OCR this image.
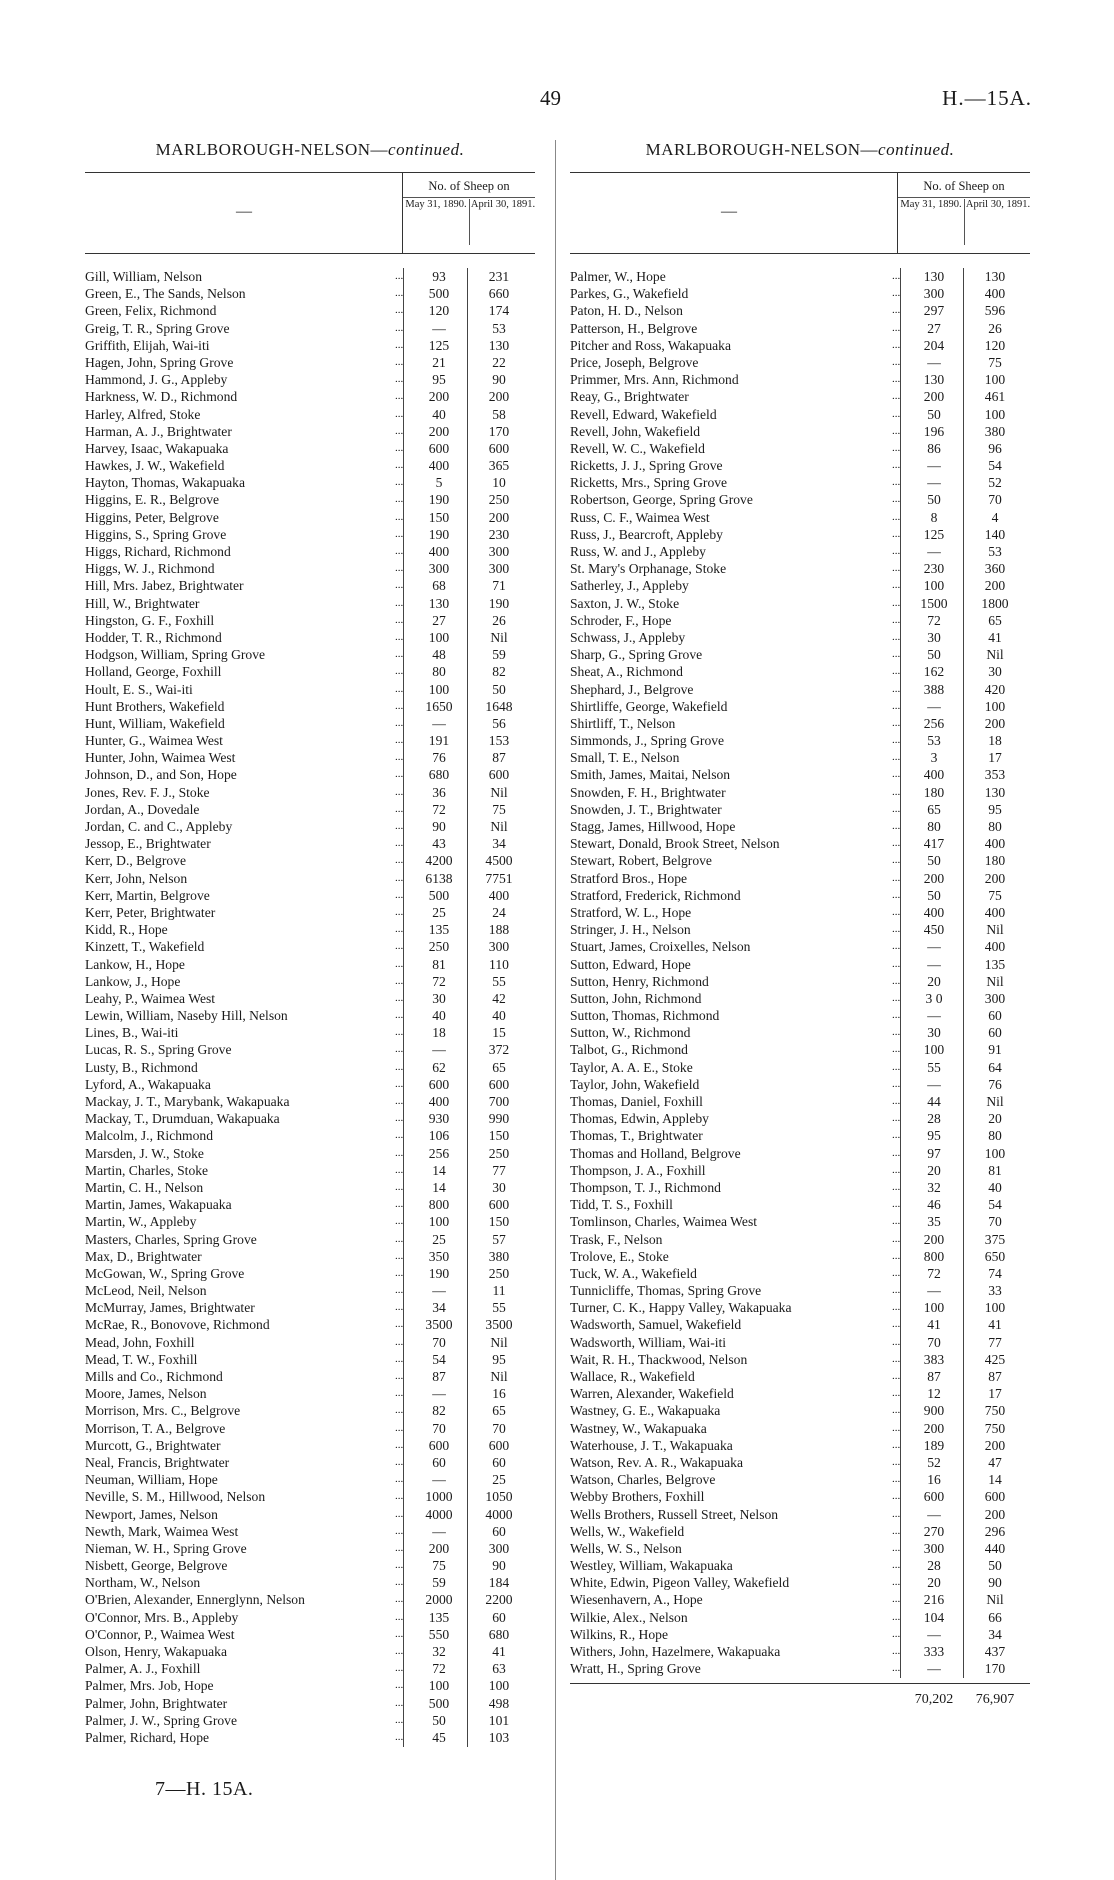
49	H.—15A.
MARLBOROUGH-NELSON—continued.
—
No. of Sheep on
May 31, 1890. April 30, 1891.
Gill, William, Nelson	...	93	231
Green, E., The Sands, Nelson	...	500	660
Green, Felix, Richmond	...	120	174
Greig, T. R., Spring Grove	...	—	53
Griffith, Elijah, Wai-iti	...	125	130
Hagen, John, Spring Grove	...	21	22
Hammond, J. G., Appleby	...	95	90
Harkness, W. D., Richmond	...	200	200
Harley, Alfred, Stoke	...	40	58
Harman, A. J., Brightwater	...	200	170
Harvey, Isaac, Wakapuaka	...	600	600
Hawkes, J. W., Wakefield	...	400	365
Hayton, Thomas, Wakapuaka	...	5	10
Higgins, E. R., Belgrove	...	190	250
Higgins, Peter, Belgrove	...	150	200
Higgins, S., Spring Grove	...	190	230
Higgs, Richard, Richmond	...	400	300
Higgs, W. J., Richmond	...	300	300
Hill, Mrs. Jabez, Brightwater	...	68	71
Hill, W., Brightwater	...	130	190
Hingston, G. F., Foxhill	...	27	26
Hodder, T. R., Richmond	...	100	Nil
Hodgson, William, Spring Grove	...	48	59
Holland, George, Foxhill	...	80	82
Hoult, E. S., Wai-iti	...	100	50
Hunt Brothers, Wakefield	...	1650	1648
Hunt, William, Wakefield	...	—	56
Hunter, G., Waimea West	...	191	153
Hunter, John, Waimea West	...	76	87
Johnson, D., and Son, Hope	...	680	600
Jones, Rev. F. J., Stoke	...	36	Nil
Jordan, A., Dovedale	...	72	75
Jordan, C. and C., Appleby	...	90	Nil
Jessop, E., Brightwater	...	43	34
Kerr, D., Belgrove	...	4200	4500
Kerr, John, Nelson	...	6138	7751
Kerr, Martin, Belgrove	...	500	400
Kerr, Peter, Brightwater	...	25	24
Kidd, R., Hope	...	135	188
Kinzett, T., Wakefield	...	250	300
Lankow, H., Hope	...	81	110
Lankow, J., Hope	...	72	55
Leahy, P., Waimea West	...	30	42
Lewin, William, Naseby Hill, Nelson	...	40	40
Lines, B., Wai-iti	...	18	15
Lucas, R. S., Spring Grove	...	—	372
Lusty, B., Richmond	...	62	65
Lyford, A., Wakapuaka	...	600	600
Mackay, J. T., Marybank, Wakapuaka	...	400	700
Mackay, T., Drumduan, Wakapuaka	...	930	990
Malcolm, J., Richmond	...	106	150
Marsden, J. W., Stoke	...	256	250
Martin, Charles, Stoke	...	14	77
Martin, C. H., Nelson	...	14	30
Martin, James, Wakapuaka	...	800	600
Martin, W., Appleby	...	100	150
Masters, Charles, Spring Grove	...	25	57
Max, D., Brightwater	...	350	380
McGowan, W., Spring Grove	...	190	250
McLeod, Neil, Nelson	...	—	11
McMurray, James, Brightwater	...	34	55
McRae, R., Bonovove, Richmond	...	3500	3500
Mead, John, Foxhill	...	70	Nil
Mead, T. W., Foxhill	...	54	95
Mills and Co., Richmond	...	87	Nil
Moore, James, Nelson	...	—	16
Morrison, Mrs. C., Belgrove	...	82	65
Morrison, T. A., Belgrove	...	70	70
Murcott, G., Brightwater	...	600	600
Neal, Francis, Brightwater	...	60	60
Neuman, William, Hope	...	—	25
Neville, S. M., Hillwood, Nelson	...	1000	1050
Newport, James, Nelson	...	4000	4000
Newth, Mark, Waimea West	...	—	60
Nieman, W. H., Spring Grove	...	200	300
Nisbett, George, Belgrove	...	75	90
Northam, W., Nelson	...	59	184
O'Brien, Alexander, Ennerglynn, Nelson	...	2000	2200
O'Connor, Mrs. B., Appleby	...	135	60
O'Connor, P., Waimea West	...	550	680
Olson, Henry, Wakapuaka	...	32	41
Palmer, A. J., Foxhill	...	72	63
Palmer, Mrs. Job, Hope	...	100	100
Palmer, John, Brightwater	...	500	498
Palmer, J. W., Spring Grove	...	50	101
Palmer, Richard, Hope	...	45	103
MARLBOROUGH-NELSON—continued.
—
No. of Sheep on
May 31, 1890. April 30, 1891.
Palmer, W., Hope	...	130	130
Parkes, G., Wakefield	...	300	400
Paton, H. D., Nelson	...	297	596
Patterson, H., Belgrove	...	27	26
Pitcher and Ross, Wakapuaka	...	204	120
Price, Joseph, Belgrove	...	—	75
Primmer, Mrs. Ann, Richmond	...	130	100
Reay, G., Brightwater	...	200	461
Revell, Edward, Wakefield	...	50	100
Revell, John, Wakefield	...	196	380
Revell, W. C., Wakefield	...	86	96
Ricketts, J. J., Spring Grove	...	—	54
Ricketts, Mrs., Spring Grove	...	—	52
Robertson, George, Spring Grove	...	50	70
Russ, C. F., Waimea West	...	8	4
Russ, J., Bearcroft, Appleby	...	125	140
Russ, W. and J., Appleby	...	—	53
St. Mary's Orphanage, Stoke	...	230	360
Satherley, J., Appleby	...	100	200
Saxton, J. W., Stoke	...	1500	1800
Schroder, F., Hope	...	72	65
Schwass, J., Appleby	...	30	41
Sharp, G., Spring Grove	...	50	Nil
Sheat, A., Richmond	...	162	30
Shephard, J., Belgrove	...	388	420
Shirtliffe, George, Wakefield	...	—	100
Shirtliff, T., Nelson	...	256	200
Simmonds, J., Spring Grove	...	53	18
Small, T. E., Nelson	...	3	17
Smith, James, Maitai, Nelson	...	400	353
Snowden, F. H., Brightwater	...	180	130
Snowden, J. T., Brightwater	...	65	95
Stagg, James, Hillwood, Hope	...	80	80
Stewart, Donald, Brook Street, Nelson	...	417	400
Stewart, Robert, Belgrove	...	50	180
Stratford Bros., Hope	...	200	200
Stratford, Frederick, Richmond	...	50	75
Stratford, W. L., Hope	...	400	400
Stringer, J. H., Nelson	...	450	Nil
Stuart, James, Croixelles, Nelson	...	—	400
Sutton, Edward, Hope	...	—	135
Sutton, Henry, Richmond	...	20	Nil
Sutton, John, Richmond	...	3 0	300
Sutton, Thomas, Richmond	...	—	60
Sutton, W., Richmond	...	30	60
Talbot, G., Richmond	...	100	91
Taylor, A. A. E., Stoke	...	55	64
Taylor, John, Wakefield	...	—	76
Thomas, Daniel, Foxhill	...	44	Nil
Thomas, Edwin, Appleby	...	28	20
Thomas, T., Brightwater	...	95	80
Thomas and Holland, Belgrove	...	97	100
Thompson, J. A., Foxhill	...	20	81
Thompson, T. J., Richmond	...	32	40
Tidd, T. S., Foxhill	...	46	54
Tomlinson, Charles, Waimea West	...	35	70
Trask, F., Nelson	...	200	375
Trolove, E., Stoke	...	800	650
Tuck, W. A., Wakefield	...	72	74
Tunnicliffe, Thomas, Spring Grove	...	—	33
Turner, C. K., Happy Valley, Wakapuaka	...	100	100
Wadsworth, Samuel, Wakefield	...	41	41
Wadsworth, William, Wai-iti	...	70	77
Wait, R. H., Thackwood, Nelson	...	383	425
Wallace, R., Wakefield	...	87	87
Warren, Alexander, Wakefield	...	12	17
Wastney, G. E., Wakapuaka	...	900	750
Wastney, W., Wakapuaka	...	200	750
Waterhouse, J. T., Wakapuaka	...	189	200
Watson, Rev. A. R., Wakapuaka	...	52	47
Watson, Charles, Belgrove	...	16	14
Webby Brothers, Foxhill	...	600	600
Wells Brothers, Russell Street, Nelson	...	—	200
Wells, W., Wakefield	...	270	296
Wells, W. S., Nelson	...	300	440
Westley, William, Wakapuaka	...	28	50
White, Edwin, Pigeon Valley, Wakefield	...	20	90
Wiesenhavern, A., Hope	...	216	Nil
Wilkie, Alex., Nelson	...	104	66
Wilkins, R., Hope	...	—	34
Withers, John, Hazelmere, Wakapuaka	...	333	437
Wratt, H., Spring Grove	...	—	170
70,202	76,907
7—H. 15A.
